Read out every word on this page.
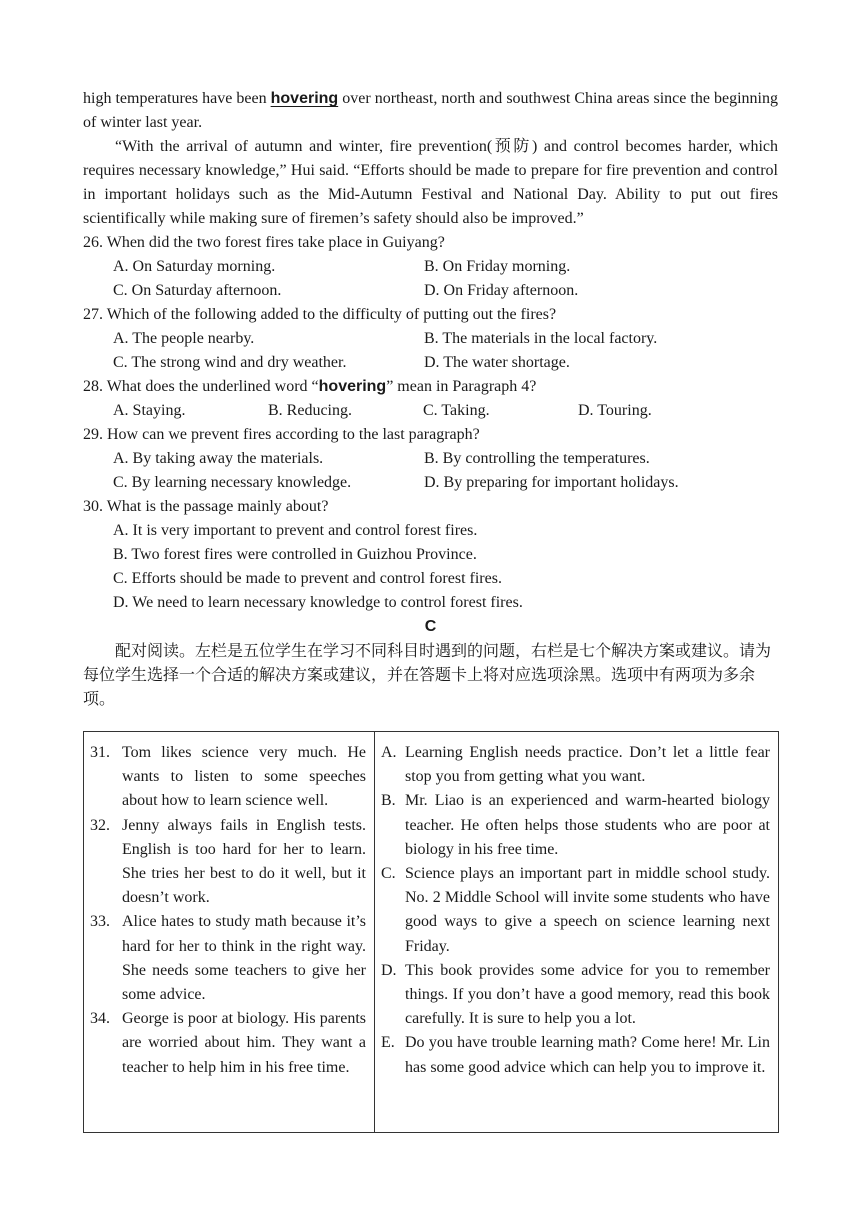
high temperatures have been hovering over northeast, north and southwest China areas since the beginning of winter last year.

“With the arrival of autumn and winter, fire prevention(预防) and control becomes harder, which requires necessary knowledge,” Hui said. “Efforts should be made to prepare for fire prevention and control in important holidays such as the Mid-Autumn Festival and National Day. Ability to put out fires scientifically while making sure of firemen’s safety should also be improved.”

26. When did the two forest fires take place in Guiyang?

A. On Saturday morning.	B. On Friday morning.
C. On Saturday afternoon.	D. On Friday afternoon.

27. Which of the following added to the difficulty of putting out the fires?

A. The people nearby.	B. The materials in the local factory.
C. The strong wind and dry weather.	D. The water shortage.

28. What does the underlined word “hovering” mean in Paragraph 4?

A. Staying.	B. Reducing.	C. Taking.	D. Touring.

29. How can we prevent fires according to the last paragraph?

A. By taking away the materials.	B. By controlling the temperatures.
C. By learning necessary knowledge.	D. By preparing for important holidays.

30. What is the passage mainly about?

A. It is very important to prevent and control forest fires.
B. Two forest fires were controlled in Guizhou Province.
C. Efforts should be made to prevent and control forest fires.
D. We need to learn necessary knowledge to control forest fires.
C

配对阅读。左栏是五位学生在学习不同科目时遇到的问题，右栏是七个解决方案或建议。请为每位学生选择一个合适的解决方案或建议，并在答题卡上将对应选项涂黑。选项中有两项为多余项。

31. Tom likes science very much. He wants to listen to some speeches about how to learn science well.
32. Jenny always fails in English tests. English is too hard for her to learn. She tries her best to do it well, but it doesn’t work.
33. Alice hates to study math because it’s hard for her to think in the right way. She needs some teachers to give her some advice.
34. George is poor at biology. His parents are worried about him. They want a teacher to help him in his free time.

A. Learning English needs practice. Don’t let a little fear stop you from getting what you want.
B. Mr. Liao is an experienced and warm-hearted biology teacher. He often helps those students who are poor at biology in his free time.
C. Science plays an important part in middle school study. No. 2 Middle School will invite some students who have good ways to give a speech on science learning next Friday.
D. This book provides some advice for you to remember things. If you don’t have a good memory, read this book carefully. It is sure to help you a lot.
E. Do you have trouble learning math? Come here! Mr. Lin has some good advice which can help you to improve it.
